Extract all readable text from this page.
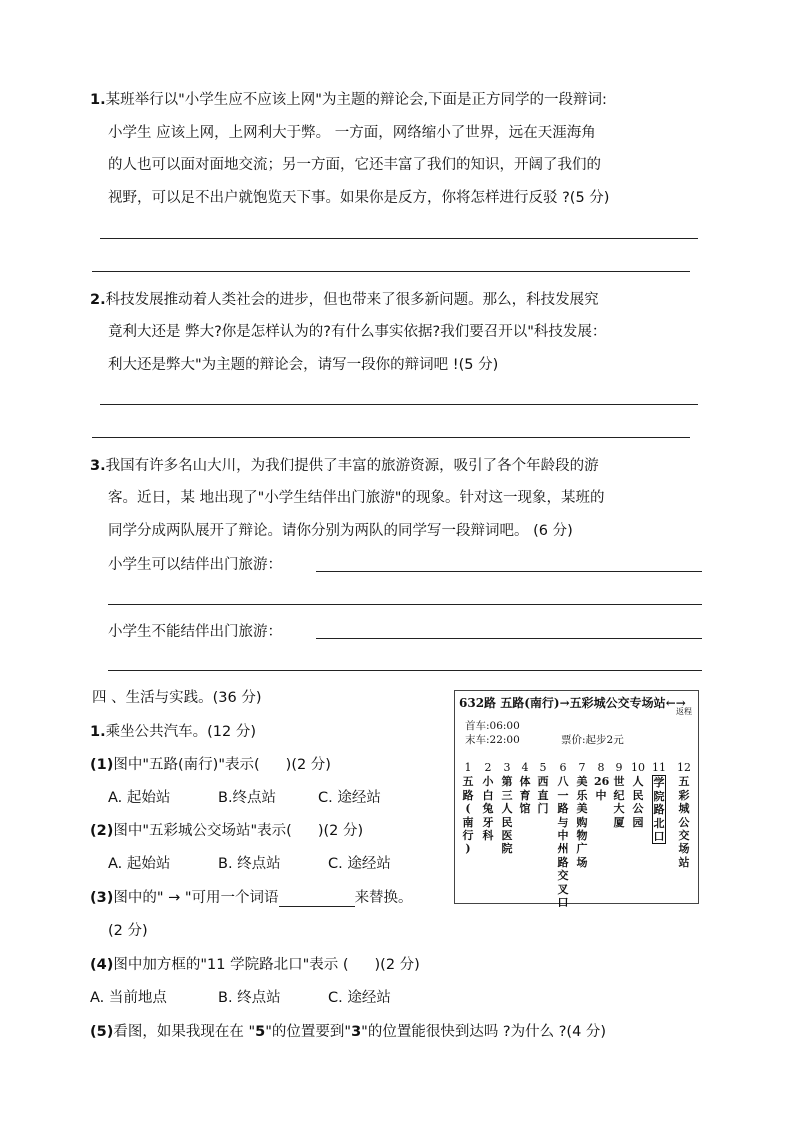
1.某班举行以"小学生应不应该上网"为主题的辩论会,下面是正方同学的一段辩词:
小学生 应该上网，上网利大于弊。 一方面，网络缩小了世界，远在天涯海角
的人也可以面对面地交流；另一方面，它还丰富了我们的知识，开阔了我们的
视野，可以足不出户就饱览天下事。如果你是反方，你将怎样进行反驳 ?(5 分)
2.科技发展推动着人类社会的进步，但也带来了很多新问题。那么，科技发展究
竟利大还是 弊大?你是怎样认为的?有什么事实依据?我们要召开以"科技发展：
利大还是弊大"为主题的辩论会，请写一段你的辩词吧 !(5 分)
3.我国有许多名山大川，为我们提供了丰富的旅游资源，吸引了各个年龄段的游
客。近日，某 地出现了"小学生结伴出门旅游"的现象。针对这一现象，某班的
同学分成两队展开了辩论。请你分别为两队的同学写一段辩词吧。 (6 分)
小学生可以结伴出门旅游：
小学生不能结伴出门旅游：
四 、生活与实践。(36 分)
1.乘坐公共汽车。(12 分)
(1)图中"五路(南行)"表示( )(2 分)
A. 起始站	B.终点站	C. 途经站
(2)图中"五彩城公交场站"表示( )(2 分)
A. 起始站	B. 终点站	C. 途经站
(3)图中的" → "可用一个词语	来替换。
(2 分)
(4)图中加方框的"11 学院路北口"表示 ( )(2 分)
A. 当前地点	B. 终点站	C. 途经站
(5)看图，如果我现在在 "5"的位置要到"3"的位置能很快到达吗 ?为什么 ?(4 分)
632路 五路(南行)→五彩城公交专场站←→
返程
首车:06:00
末车:22:00	票价:起步2元
1
五
路
(
南
行
)
2
小
白
兔
牙
科
3
第
三
人
民
医
院
4
体
育
馆
5
西
直
门
6
八
一
路
与
中
州
路
交
叉
口
7
美
乐
美
购
物
广
场
8
26中
9
世
纪
大
厦
10
人
民
公
园
11
学
院
路
北
口
12
五
彩
城
公
交
场
站
